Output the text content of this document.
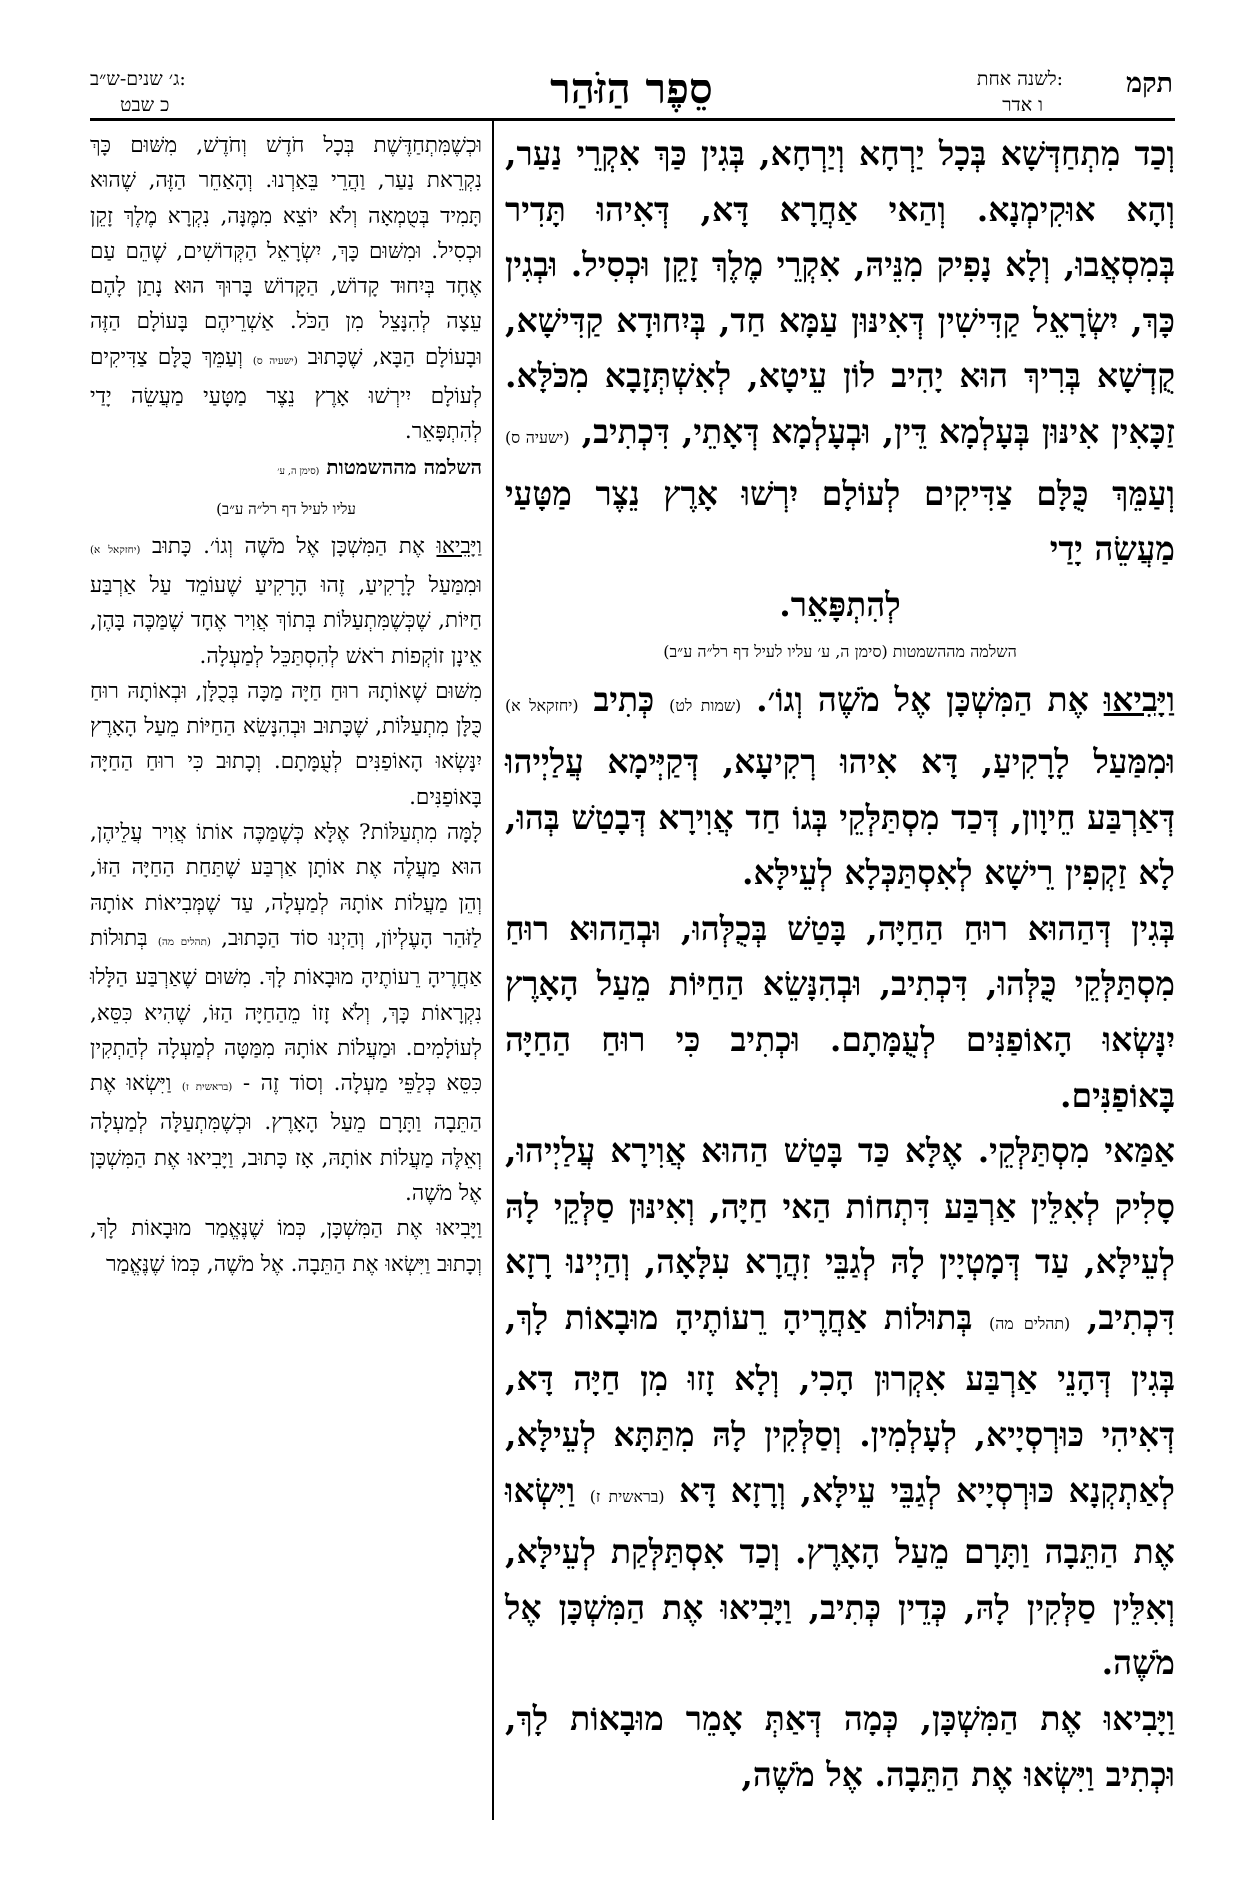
תקמ
לשנה אחת:
ו אדר
סֵפֶר הַזֹּהַר
ג׳ שנים-ש״ב:
כ שבט

וְכַד מִתְחַדְּשָׁא בְּכָל יַרְחָא וְיַרְחָא, בְּגִין כַּךְ אִקְרֵי נַעַר, וְהָא אוּקִימְנָא. וְהַאי אַחֲרָא דָּא, דְּאִיהוּ תָּדִיר בְּמִסְאֲבוּ, וְלָא נָפִיק מִנֵּיהּ, אִקְרֵי מֶלֶךְ זָקֵן וּכְסִיל. וּבְגִין כָּךְ, יִשְׂרָאֵל קַדִּישִׁין דְּאִינּוּן עַמָּא חַד, בְּיִחוּדָא קַדִּישָׁא, קֻדְשָׁא בְּרִיךְ הוּא יָהִיב לוֹן עֵיטָא, לְאִשְׁתְּזָבָא מִכֹּלָּא. זַכָּאִין אִינּוּן בְּעָלְמָא דֵּין, וּבְעָלְמָא דְּאָתֵי, דִּכְתִיב, (ישעיה ס) וְעַמֵּךְ כֻּלָּם צַדִּיקִים לְעוֹלָם יִרְשׁוּ אָרֶץ נֵצֶר מַטָּעַי מַעֲשֵׂה יָדַי

לְהִתְפָּאֵר.

השלמה מההשמטות (סימן ה, ע׳ עליו לעיל דף רל״ה ע״ב)

וַיָּבִיאוּ אֶת הַמִּשְׁכָּן אֶל מֹשֶׁה וְגוֹ׳. (שמות לט) כְּתִיב (יחזקאל א) וּמִמַּעַל לָרָקִיעַ, דָּא אִיהוּ רְקִיעָא, דְּקַיְּימָא עֲלַיְיהוּ דְּאַרְבַּע חֵיוָון, דְּכַד מִסְתַּלְּקֵי בְּגוֹ חַד אֲוִירָא דְּבָטַשׁ בְּהוּ, לָא זַקְפִין רֵישָׁא לְאִסְתַּכְּלָא לְעֵילָּא.

בְּגִין דְּהַהוּא רוּחַ הַחַיָּה, בָּטַשׁ בְּכֻלְּהוּ, וּבְהַהוּא רוּחַ מִסְתַּלְּקֵי כֻּלְּהוּ, דִּכְתִיב, וּבְהִנָּשֵׂא הַחַיּוֹת מֵעַל הָאָרֶץ יִנָּשְׂאוּ הָאוֹפַנִּים לְעֻמָּתָם. וּכְתִיב כִּי רוּחַ הַחַיָּה בָּאוֹפַנִּים.

אַמַּאי מִסְתַּלְּקֵי. אֶלָּא כַּד בָּטַשׁ הַהוּא אֲוִירָא עֲלַיְיהוּ, סָלִיק לְאִלֵּין אַרְבַּע דִּתְחוֹת הַאי חַיָּה, וְאִינּוּן סַלְּקֵי לָהּ לְעֵילָּא, עַד דְּמָטְיָין לָהּ לְגַבֵּי זִהֲרָא עִלָּאָה, וְהַיְינוּ רָזָא דִּכְתִיב, (תהלים מה) בְּתוּלוֹת אַחֲרֶיהָ רֵעוֹתֶיהָ מוּבָאוֹת לָךְ, בְּגִין דְּהָנֵי אַרְבַּע אִקְרוּן הָכִי, וְלָא זָזוּ מִן חַיָּה דָּא, דְּאִיהִי כּוּרְסְיָיא, לְעָלְמִין. וְסַלְּקִין לָהּ מִתַּתָּא לְעֵילָּא, לְאַתְקְנָא כּוּרְסְיָיא לְגַבֵּי עֵילָּא, וְרָזָא דָּא (בראשית ז) וַיִּשְׂאוּ אֶת הַתֵּבָה וַתָּרָם מֵעַל הָאָרֶץ. וְכַד אִסְתַּלְּקַת לְעֵילָּא, וְאִלֵּין סַלְּקִין לָהּ, כְּדֵין כְּתִיב, וַיָּבִיאוּ אֶת הַמִּשְׁכָּן אֶל מֹשֶׁה.

וַיָּבִיאוּ אֶת הַמִּשְׁכָּן, כְּמָה דְּאַתְּ אָמֵר מוּבָאוֹת לָךְ, וּכְתִיב וַיִּשְׂאוּ אֶת הַתֵּבָה. אֶל מֹשֶׁה,

וּכְשֶׁמִּתְחַדֶּשֶׁת בְּכָל חֹדֶשׁ וְחֹדֶשׁ, מִשּׁוּם כָּךְ נִקְרֵאת נַעַר, וַהֲרֵי בֵּאַרְנוּ. וְהָאַחֵר הַזֶּה, שֶׁהוּא תָּמִיד בְּטֻמְאָה וְלֹא יוֹצֵא מִמֶּנָּה, נִקְרָא מֶלֶךְ זָקֵן וּכְסִיל. וּמִשּׁוּם כָּךְ, יִשְׂרָאֵל הַקְּדוֹשִׁים, שֶׁהֵם עַם אֶחָד בְּיִחוּד קָדוֹשׁ, הַקָּדוֹשׁ בָּרוּךְ הוּא נָתַן לָהֶם עֵצָה לְהִנָּצֵל מִן הַכֹּל. אַשְׁרֵיהֶם בָּעוֹלָם הַזֶּה וּבָעוֹלָם הַבָּא, שֶׁכָּתוּב (ישעיה ס) וְעַמֵּךְ כֻּלָּם צַדִּיקִים לְעוֹלָם יִירְשׁוּ אָרֶץ נֵצֶר מַטָּעַי מַעֲשֵׂה יָדַי לְהִתְפָּאֵר.

השלמה מההשמטות (סימן ה, ע׳

עליו לעיל דף רל״ה ע״ב)

וַיָּבִיאוּ אֶת הַמִּשְׁכָּן אֶל מֹשֶׁה וְגוֹ׳. כָּתוּב (יחזקאל א) וּמִמַּעַל לָרָקִיעַ, זֶהוּ הָרָקִיעַ שֶׁעוֹמֵד עַל אַרְבַּע חַיּוֹת, שֶׁכְּשֶׁמִּתְעַלּוֹת בְּתוֹךְ אֲוִיר אֶחָד שֶׁמַּכֶּה בָּהֶן, אֵינָן זוֹקְפוֹת רֹאשׁ לְהִסְתַּכֵּל לְמַעְלָה.

מִשּׁוּם שֶׁאוֹתָהּ רוּחַ חַיָּה מַכָּה בְּכֻלָּן, וּבְאוֹתָהּ רוּחַ כֻּלָּן מִתְעַלּוֹת, שֶׁכָּתוּב וּבְהִנָּשֵׂא הַחַיּוֹת מֵעַל הָאָרֶץ יִנָּשְׂאוּ הָאוֹפַנִּים לְעֻמָּתָם. וְכָתוּב כִּי רוּחַ הַחַיָּה בָּאוֹפַנִּים.

לָמָּה מִתְעַלּוֹת? אֶלָּא כְּשֶׁמַּכֶּה אוֹתוֹ אֲוִיר עֲלֵיהֶן, הוּא מַעֲלֶה אֶת אוֹתָן אַרְבַּע שֶׁתַּחַת הַחַיָּה הַזּוֹ, וְהֵן מַעֲלוֹת אוֹתָהּ לְמַעְלָה, עַד שֶׁמְּבִיאוֹת אוֹתָהּ לַזֹּהַר הָעֶלְיוֹן, וְהַיְנוּ סוֹד הַכָּתוּב, (תהלים מה) בְּתוּלוֹת אַחֲרֶיהָ רֵעוֹתֶיהָ מוּבָאוֹת לָךְ. מִשּׁוּם שֶׁאַרְבַּע הַלָּלוּ נִקְרָאוֹת כָּךְ, וְלֹא זָזוֹ מֵהַחַיָּה הַזּוֹ, שֶׁהִיא כִּסֵּא, לְעוֹלָמִים. וּמַעֲלוֹת אוֹתָהּ מִמַּטָּה לְמַעְלָה לְהַתְקִין כִּסֵּא כְּלַפֵּי מַעְלָה. וְסוֹד זֶה - (בראשית ז) וַיִּשְׂאוּ אֶת הַתֵּבָה וַתָּרָם מֵעַל הָאָרֶץ. וּכְשֶׁמִּתְעַלָּה לְמַעְלָה וְאֵלֶּה מַעֲלוֹת אוֹתָהּ, אָז כָּתוּב, וַיָּבִיאוּ אֶת הַמִּשְׁכָּן אֶל מֹשֶׁה.

וַיָּבִיאוּ אֶת הַמִּשְׁכָּן, כְּמוֹ שֶׁנֶּאֱמַר מוּבָאוֹת לָךְ, וְכָתוּב וַיִּשְׂאוּ אֶת הַתֵּבָה. אֶל מֹשֶׁה, כְּמוֹ שֶׁנֶּאֱמַר
